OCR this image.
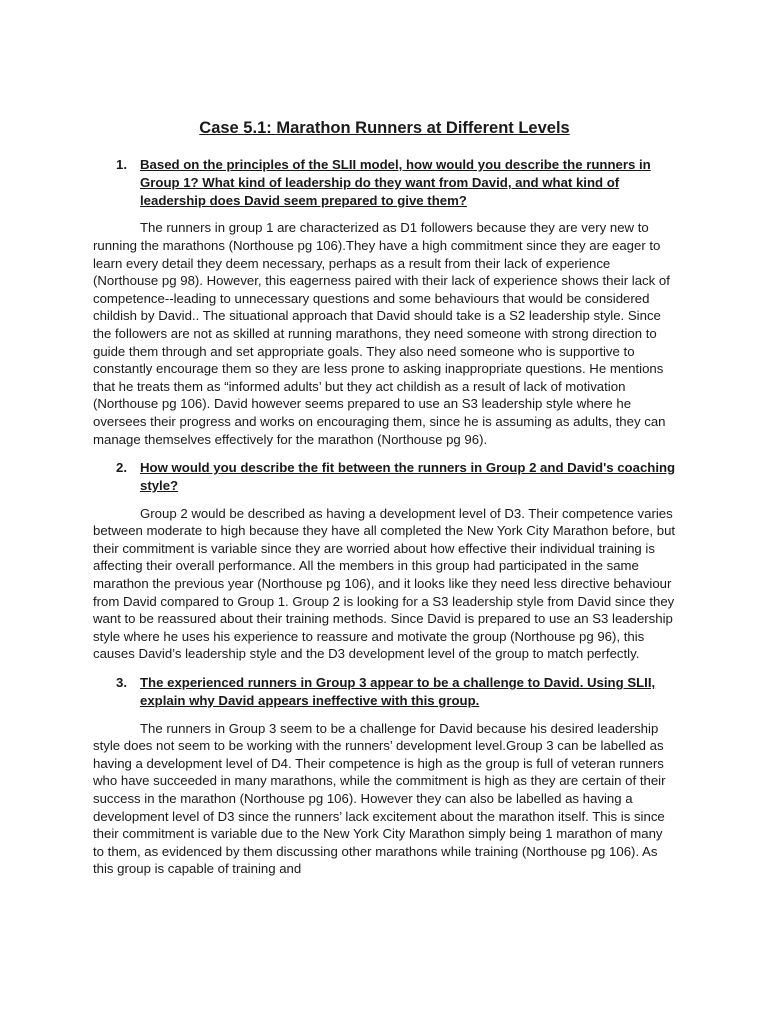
Case 5.1: Marathon Runners at Different Levels
1. Based on the principles of the SLII model, how would you describe the runners in Group 1? What kind of leadership do they want from David, and what kind of leadership does David seem prepared to give them?

The runners in group 1 are characterized as D1 followers because they are very new to running the marathons (Northouse pg 106).They have a high commitment since they are eager to learn every detail they deem necessary, perhaps as a result from their lack of experience (Northouse pg 98). However, this eagerness paired with their lack of experience shows their lack of competence--leading to unnecessary questions and some behaviours that would be considered childish by David.. The situational approach that David should take is a S2 leadership style. Since the followers are not as skilled at running marathons, they need someone with strong direction to guide them through and set appropriate goals. They also need someone who is supportive to constantly encourage them so they are less prone to asking inappropriate questions. He mentions that he treats them as “informed adults’ but they act childish as a result of lack of motivation (Northouse pg 106). David however seems prepared to use an S3 leadership style where he oversees their progress and works on encouraging them, since he is assuming as adults, they can manage themselves effectively for the marathon (Northouse pg 96).

2. How would you describe the fit between the runners in Group 2 and David's coaching style?

Group 2 would be described as having a development level of D3. Their competence varies between moderate to high because they have all completed the New York City Marathon before, but their commitment is variable since they are worried about how effective their individual training is affecting their overall performance. All the members in this group had participated in the same marathon the previous year (Northouse pg 106), and it looks like they need less directive behaviour from David compared to Group 1. Group 2 is looking for a S3 leadership style from David since they want to be reassured about their training methods. Since David is prepared to use an S3 leadership style where he uses his experience to reassure and motivate the group (Northouse pg 96), this causes David’s leadership style and the D3 development level of the group to match perfectly.

3. The experienced runners in Group 3 appear to be a challenge to David. Using SLII, explain why David appears ineffective with this group.

The runners in Group 3 seem to be a challenge for David because his desired leadership style does not seem to be working with the runners’ development level.Group 3 can be labelled as having a development level of D4. Their competence is high as the group is full of veteran runners who have succeeded in many marathons, while the commitment is high as they are certain of their success in the marathon (Northouse pg 106). However they can also be labelled as having a development level of D3 since the runners’ lack excitement about the marathon itself. This is since their commitment is variable due to the New York City Marathon simply being 1 marathon of many to them, as evidenced by them discussing other marathons while training (Northouse pg 106). As this group is capable of training and
